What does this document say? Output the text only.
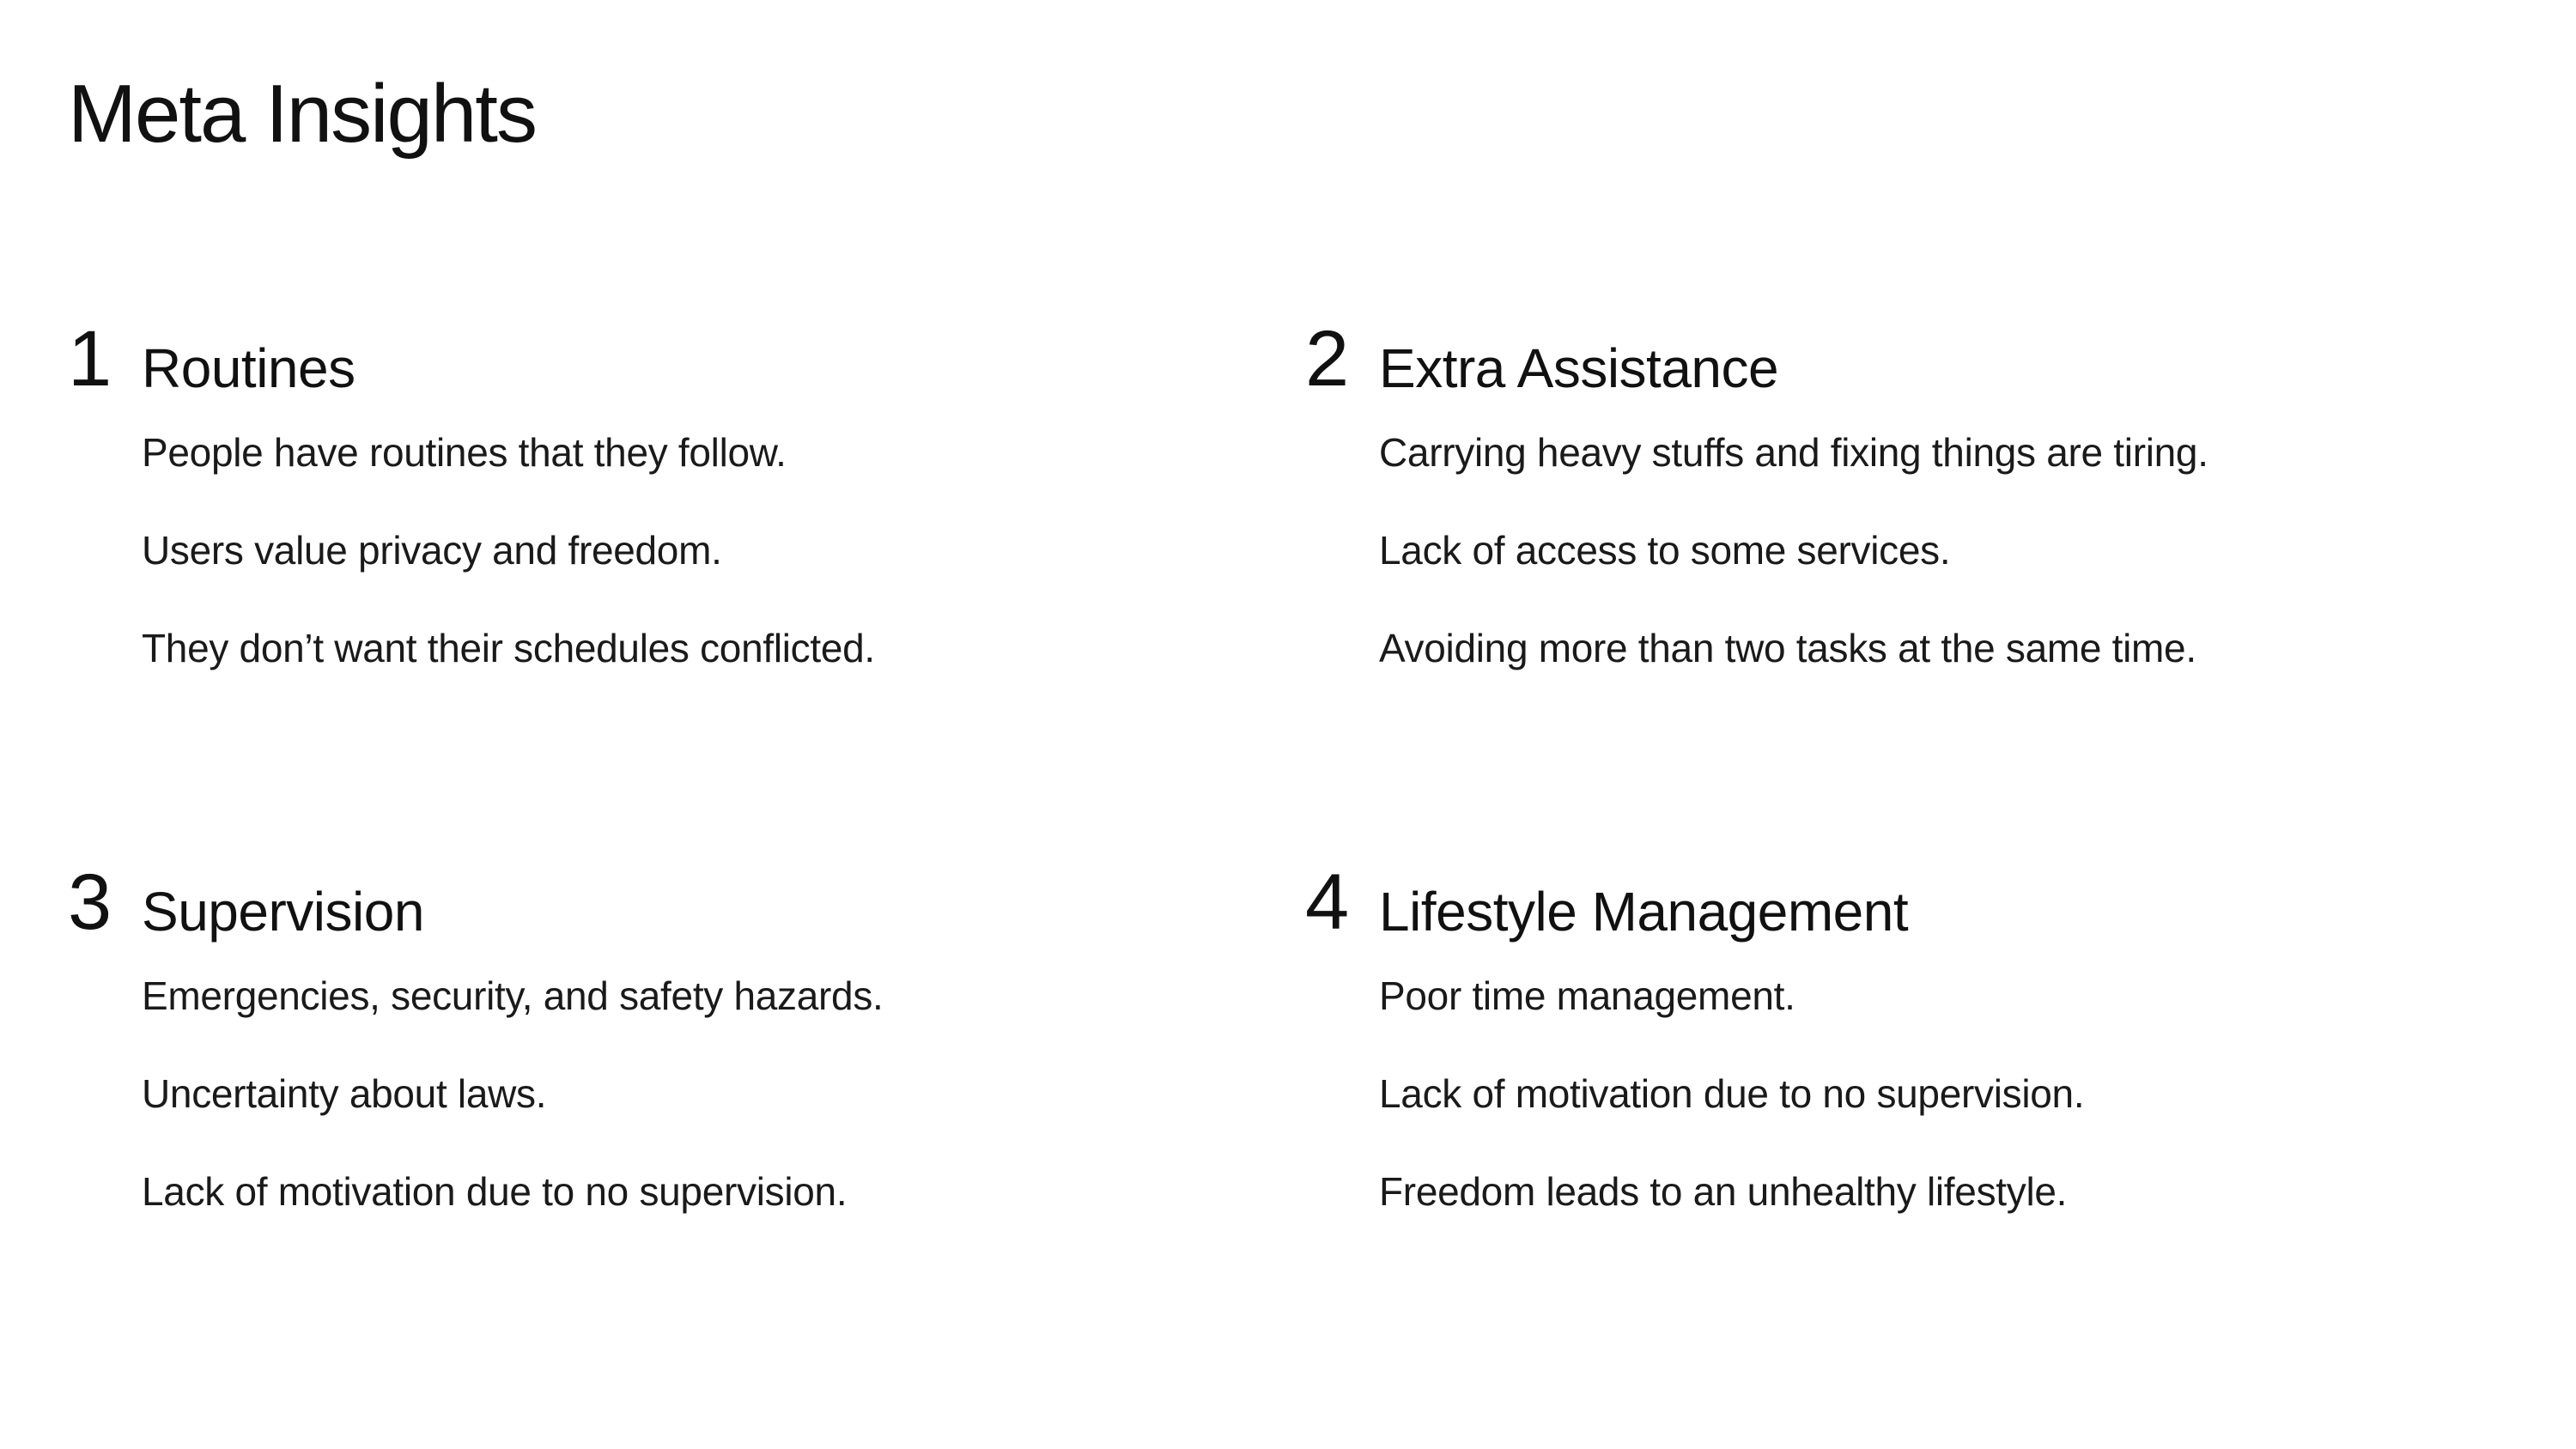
Meta Insights
1 Routines
People have routines that they follow.
Users value privacy and freedom.
They don’t want their schedules conflicted.
2 Extra Assistance
Carrying heavy stuffs and fixing things are tiring.
Lack of access to some services.
Avoiding more than two tasks at the same time.
3 Supervision
Emergencies, security, and safety hazards.
Uncertainty about laws.
Lack of motivation due to no supervision.
4 Lifestyle Management
Poor time management.
Lack of motivation due to no supervision.
Freedom leads to an unhealthy lifestyle.
